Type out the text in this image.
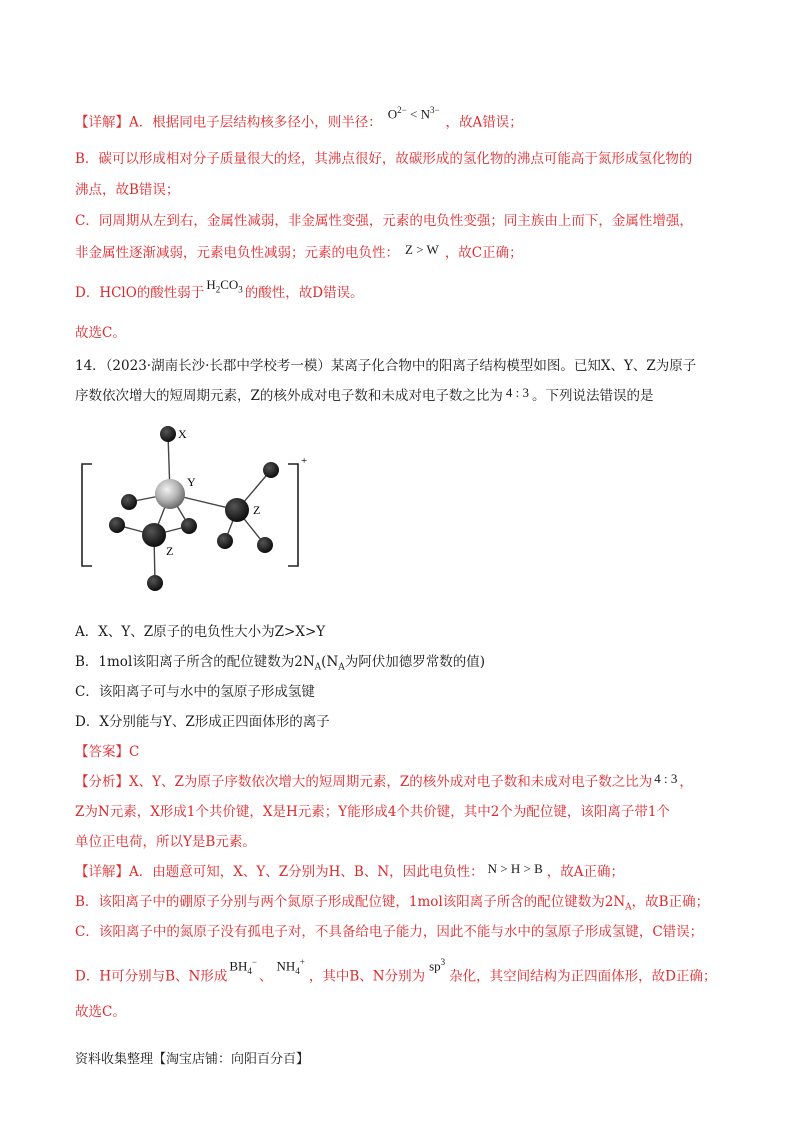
【详解】A．根据同电子层结构核多径小，则半径：$O^{2-} < N^{3-}$，故A错误；
B．碳可以形成相对分子质量很大的烃，其沸点很好，故碳形成的氢化物的沸点可能高于氮形成氢化物的
沸点，故B错误；
C．同周期从左到右，金属性减弱，非金属性变强，元素的电负性变强；同主族由上而下，金属性增强，
非金属性逐渐减弱，元素电负性减弱；元素的电负性： Z > W ，故C正确；
D．HClO的酸性弱于$H_2CO_3$ 的酸性，故D错误。
故选C。
14．（2023·湖南长沙·长郡中学校考一模）某离子化合物中的阳离子结构模型如图。已知X、Y、Z为原子
序数依次增大的短周期元素，Z的核外成对电子数和未成对电子数之比为 4 : 3 。下列说法错误的是
+
X
Y
Z
Z
A．X、Y、Z原子的电负性大小为Z>X>Y
B．1mol该阳离子所含的配位键数为$2N_A(N_A$为阿伏加德罗常数的值)
C．该阳离子可与水中的氢原子形成氢键
D．X分别能与Y、Z形成正四面体形的离子
【答案】C
【分析】X、Y、Z为原子序数依次增大的短周期元素，Z的核外成对电子数和未成对电子数之比为 4 : 3 ，
Z为N元素，X形成1个共价键，X是H元素；Y能形成4个共价键，其中2个为配位键，该阳离子带1个
单位正电荷，所以Y是B元素。
【详解】A．由题意可知，X、Y、Z分别为H、B、N，因此电负性： N > H > B ，故A正确；
B．该阳离子中的硼原子分别与两个氮原子形成配位键，1mol该阳离子所含的配位键数为$2N_A$，故B正确；
C．该阳离子中的氮原子没有孤电子对，不具备给电子能力，因此不能与水中的氢原子形成氢键，C错误；
D．H可分别与B、N形成$BH_4^-$、$NH_4^+$，其中B、N分别为$sp^3$杂化，其空间结构为正四面体形，故D正确；
故选C。
资料收集整理【淘宝店铺：向阳百分百】
